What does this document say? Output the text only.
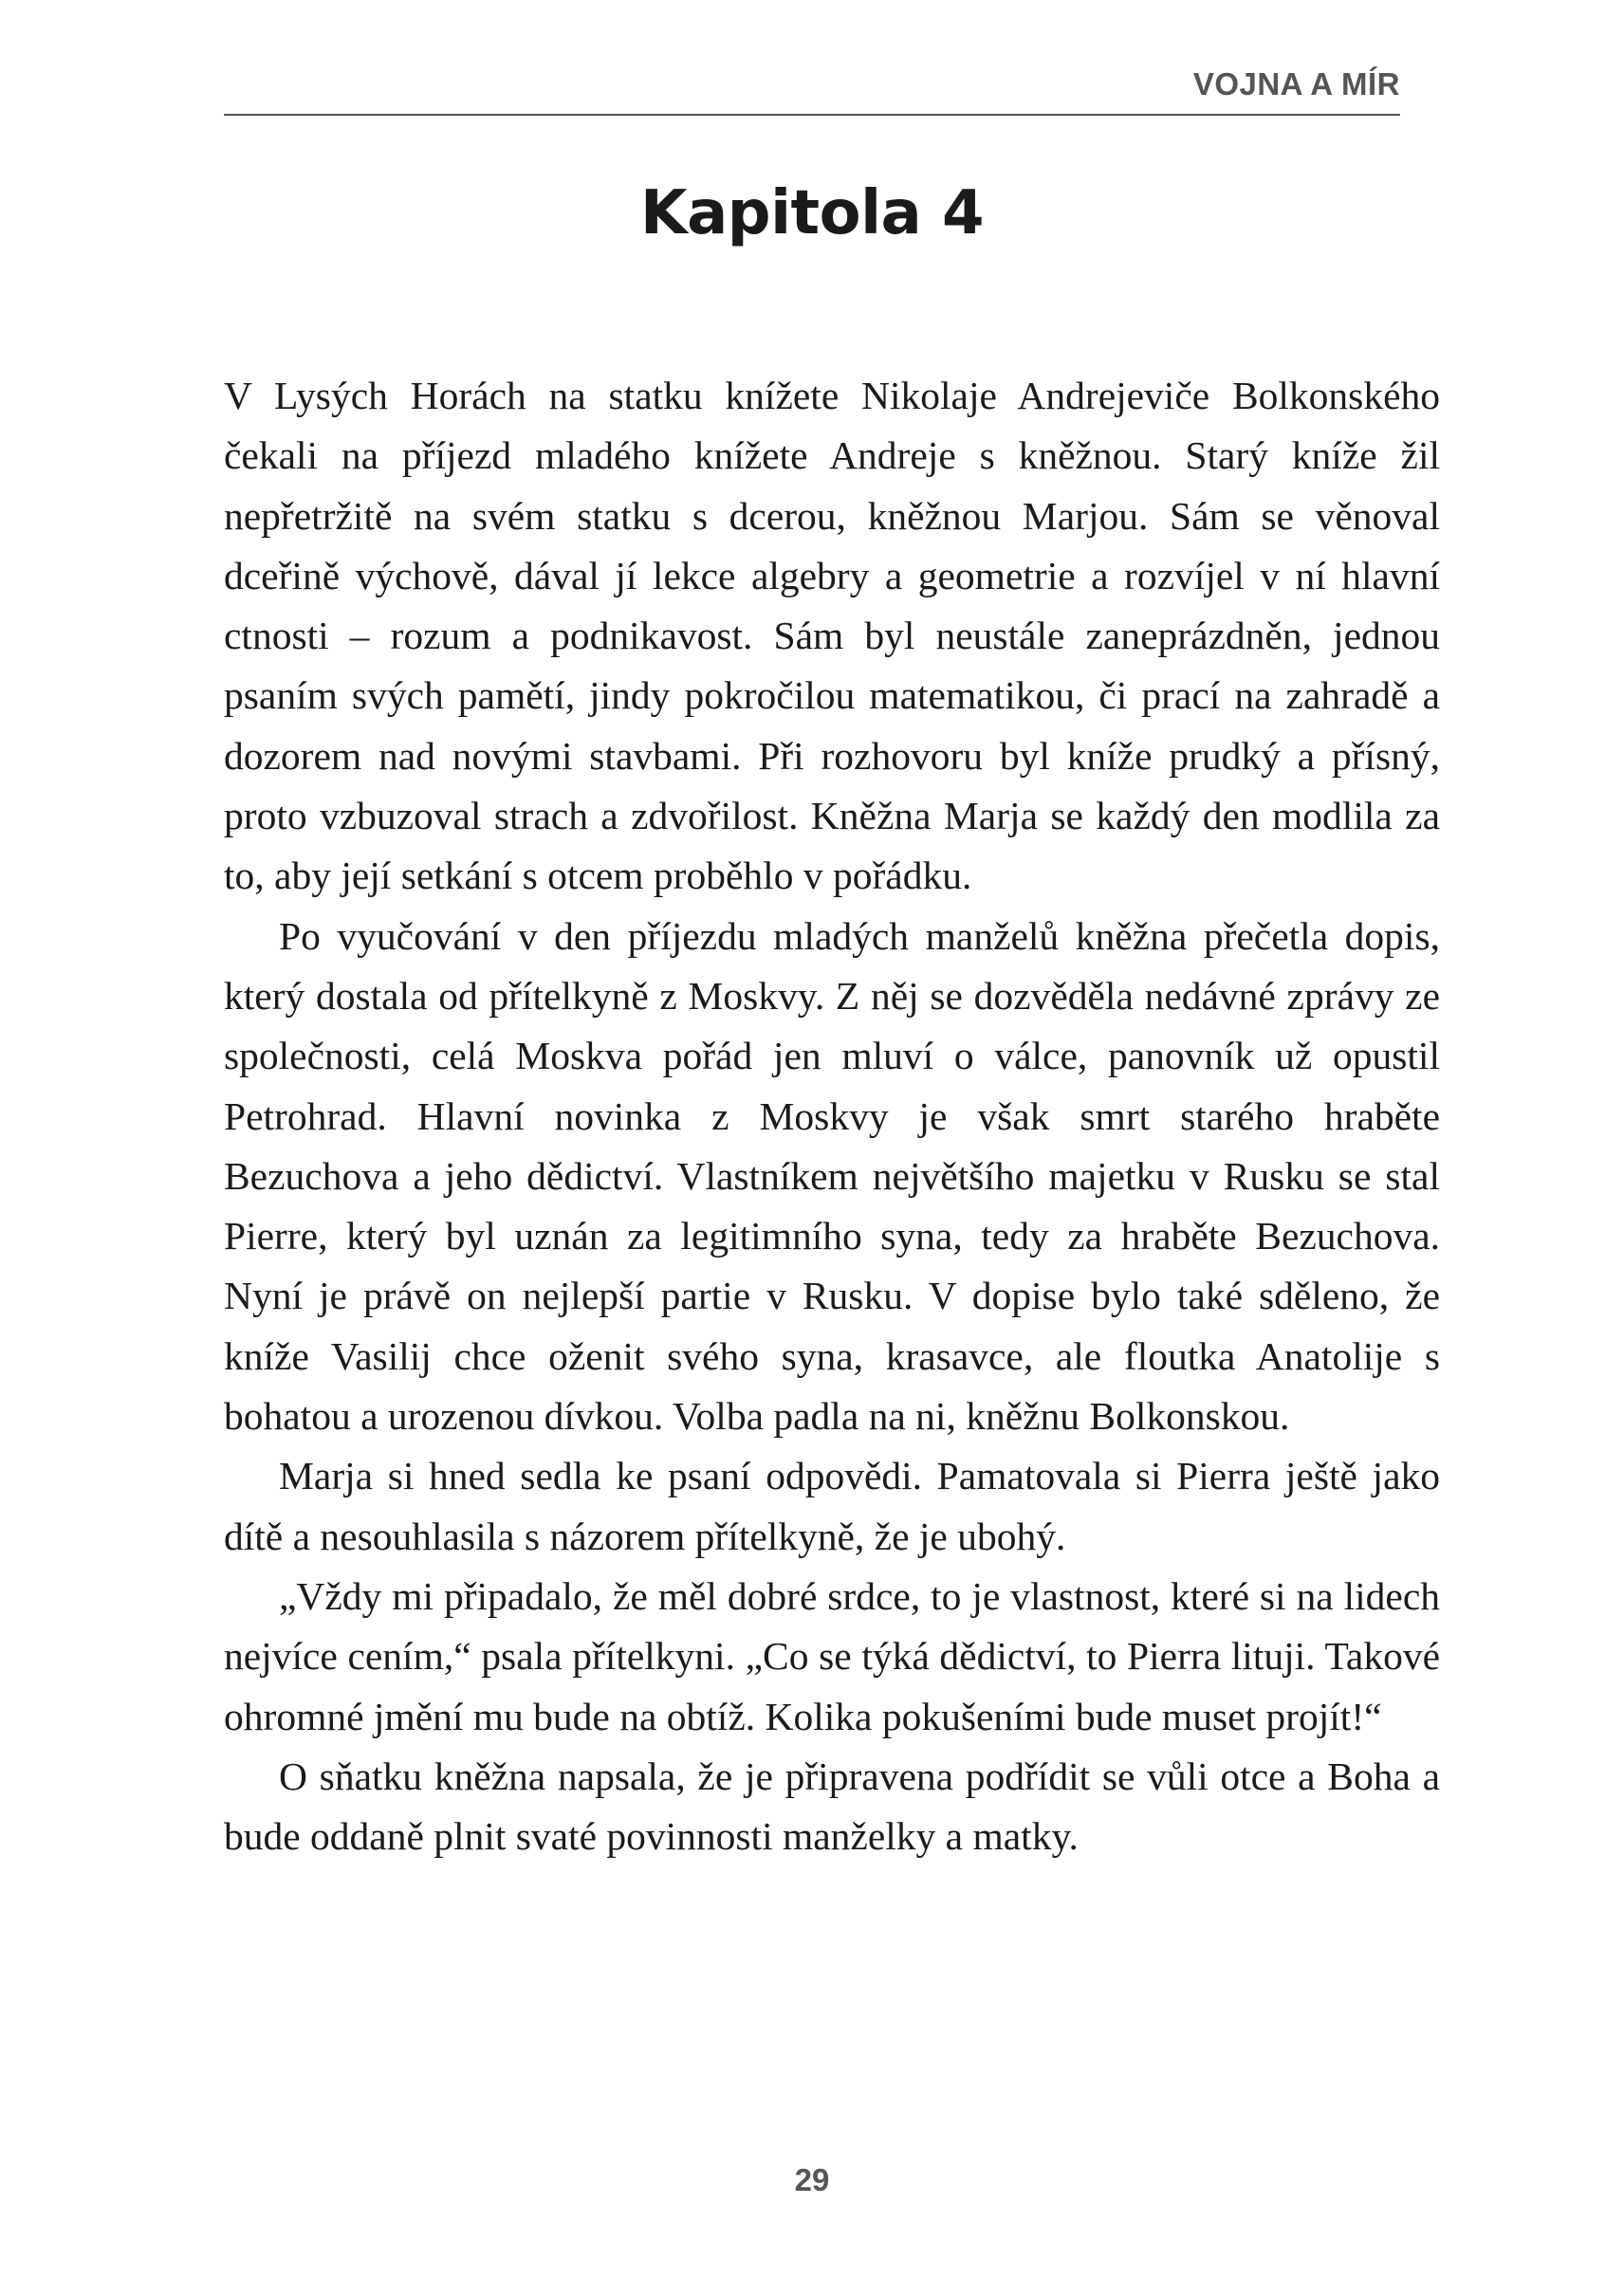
VOJNA A MÍR
Kapitola 4

V Lysých Horách na statku knížete Nikolaje Andrejeviče Bolkonského čekali na příjezd mladého knížete Andreje s kněžnou. Starý kníže žil nepřetržitě na svém statku s dcerou, kněžnou Marjou. Sám se věnoval dceřině výchově, dával jí lekce algebry a geometrie a rozvíjel v ní hlavní ctnosti – rozum a podnikavost. Sám byl neustále zaneprázdněn, jednou psaním svých pamětí, jindy pokročilou matematikou, či prací na zahradě a dozorem nad novými stavbami. Při rozhovoru byl kníže prudký a přísný, proto vzbuzoval strach a zdvořilost. Kněžna Marja se každý den modlila za to, aby její setkání s otcem proběhlo v pořádku.

Po vyučování v den příjezdu mladých manželů kněžna přečetla dopis, který dostala od přítelkyně z Moskvy. Z něj se dozvěděla nedávné zprávy ze společnosti, celá Moskva pořád jen mluví o válce, panovník už opustil Petrohrad. Hlavní novinka z Moskvy je však smrt starého hraběte Bezuchova a jeho dědictví. Vlastníkem největšího majetku v Rusku se stal Pierre, který byl uznán za legitimního syna, tedy za hraběte Bezuchova. Nyní je právě on nejlepší partie v Rusku. V dopise bylo také sděleno, že kníže Vasilij chce oženit svého syna, krasavce, ale floutka Anatolije s bohatou a urozenou dívkou. Volba padla na ni, kněžnu Bolkonskou.

Marja si hned sedla ke psaní odpovědi. Pamatovala si Pierra ještě jako dítě a nesouhlasila s názorem přítelkyně, že je ubohý.

„Vždy mi připadalo, že měl dobré srdce, to je vlastnost, které si na lidech nejvíce cením,“ psala přítelkyni. „Co se týká dědictví, to Pierra lituji. Takové ohromné jmění mu bude na obtíž. Kolika pokušeními bude muset projít!“

O sňatku kněžna napsala, že je připravena podřídit se vůli otce a Boha a bude oddaně plnit svaté povinnosti manželky a matky.

29
